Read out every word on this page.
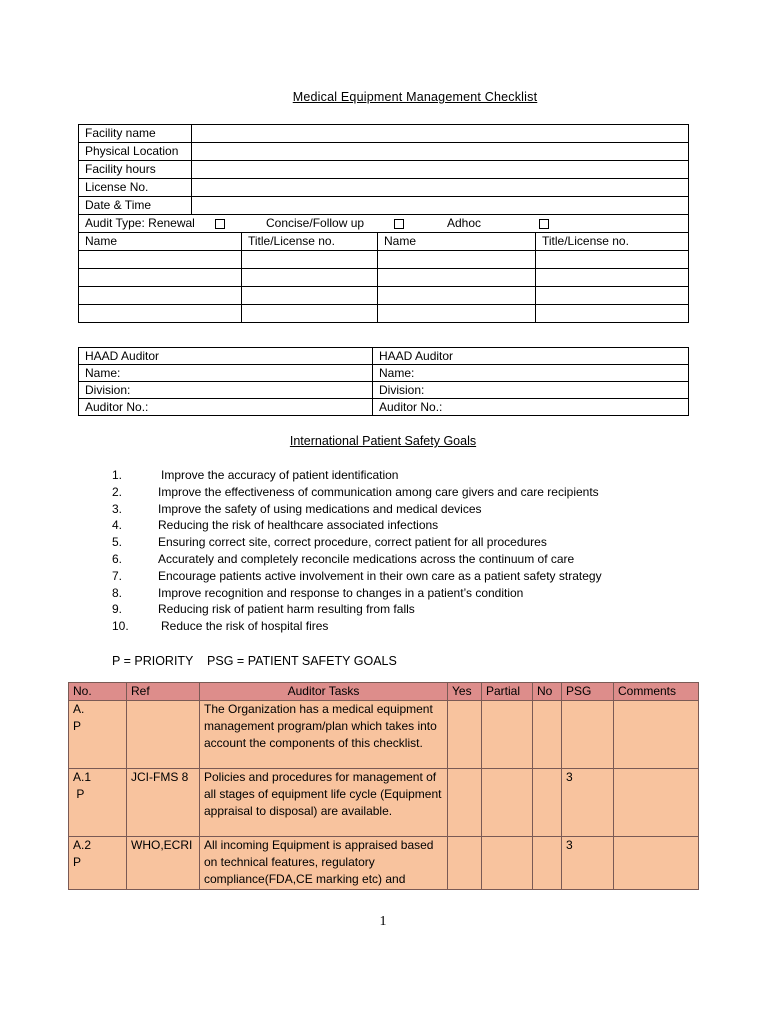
Medical Equipment Management Checklist
Facility name				
Physical Location				
Facility hours				
License No.				
Date & Time				
Audit Type: Renewal Concise/Follow up Adhoc				

Name		Title/License no.	Name	Title/License no.

HAAD Auditor	HAAD Auditor
Name:	Name:
Division:	Division:
Auditor No.:	Auditor No.:
International Patient Safety Goals
1.	Improve the accuracy of patient identification
2.	Improve the effectiveness of communication among care givers and care recipients
3.	Improve the safety of using medications and medical devices
4.	Reducing the risk of healthcare associated infections
5.	Ensuring correct site, correct procedure, correct patient for all procedures
6.	Accurately and completely reconcile medications across the continuum of care
7.	Encourage patients active involvement in their own care as a patient safety strategy
8.	Improve recognition and response to changes in a patient’s condition
9.	Reducing risk of patient harm resulting from falls
10.	Reduce the risk of hospital fires
P = PRIORITY    PSG = PATIENT SAFETY GOALS
No.	Ref	Auditor Tasks	Yes	Partial	No	PSG	Comments

A.
P		The Organization has a medical equipment management program/plan which takes into account the components of this checklist.					

A.1
P	JCI-FMS 8	Policies and procedures for management of all stages of equipment life cycle (Equipment appraisal to disposal) are available.				3	

A.2
P	WHO,ECRI	All incoming Equipment is appraised based on technical features, regulatory compliance(FDA,CE marking etc) and				3	
1
